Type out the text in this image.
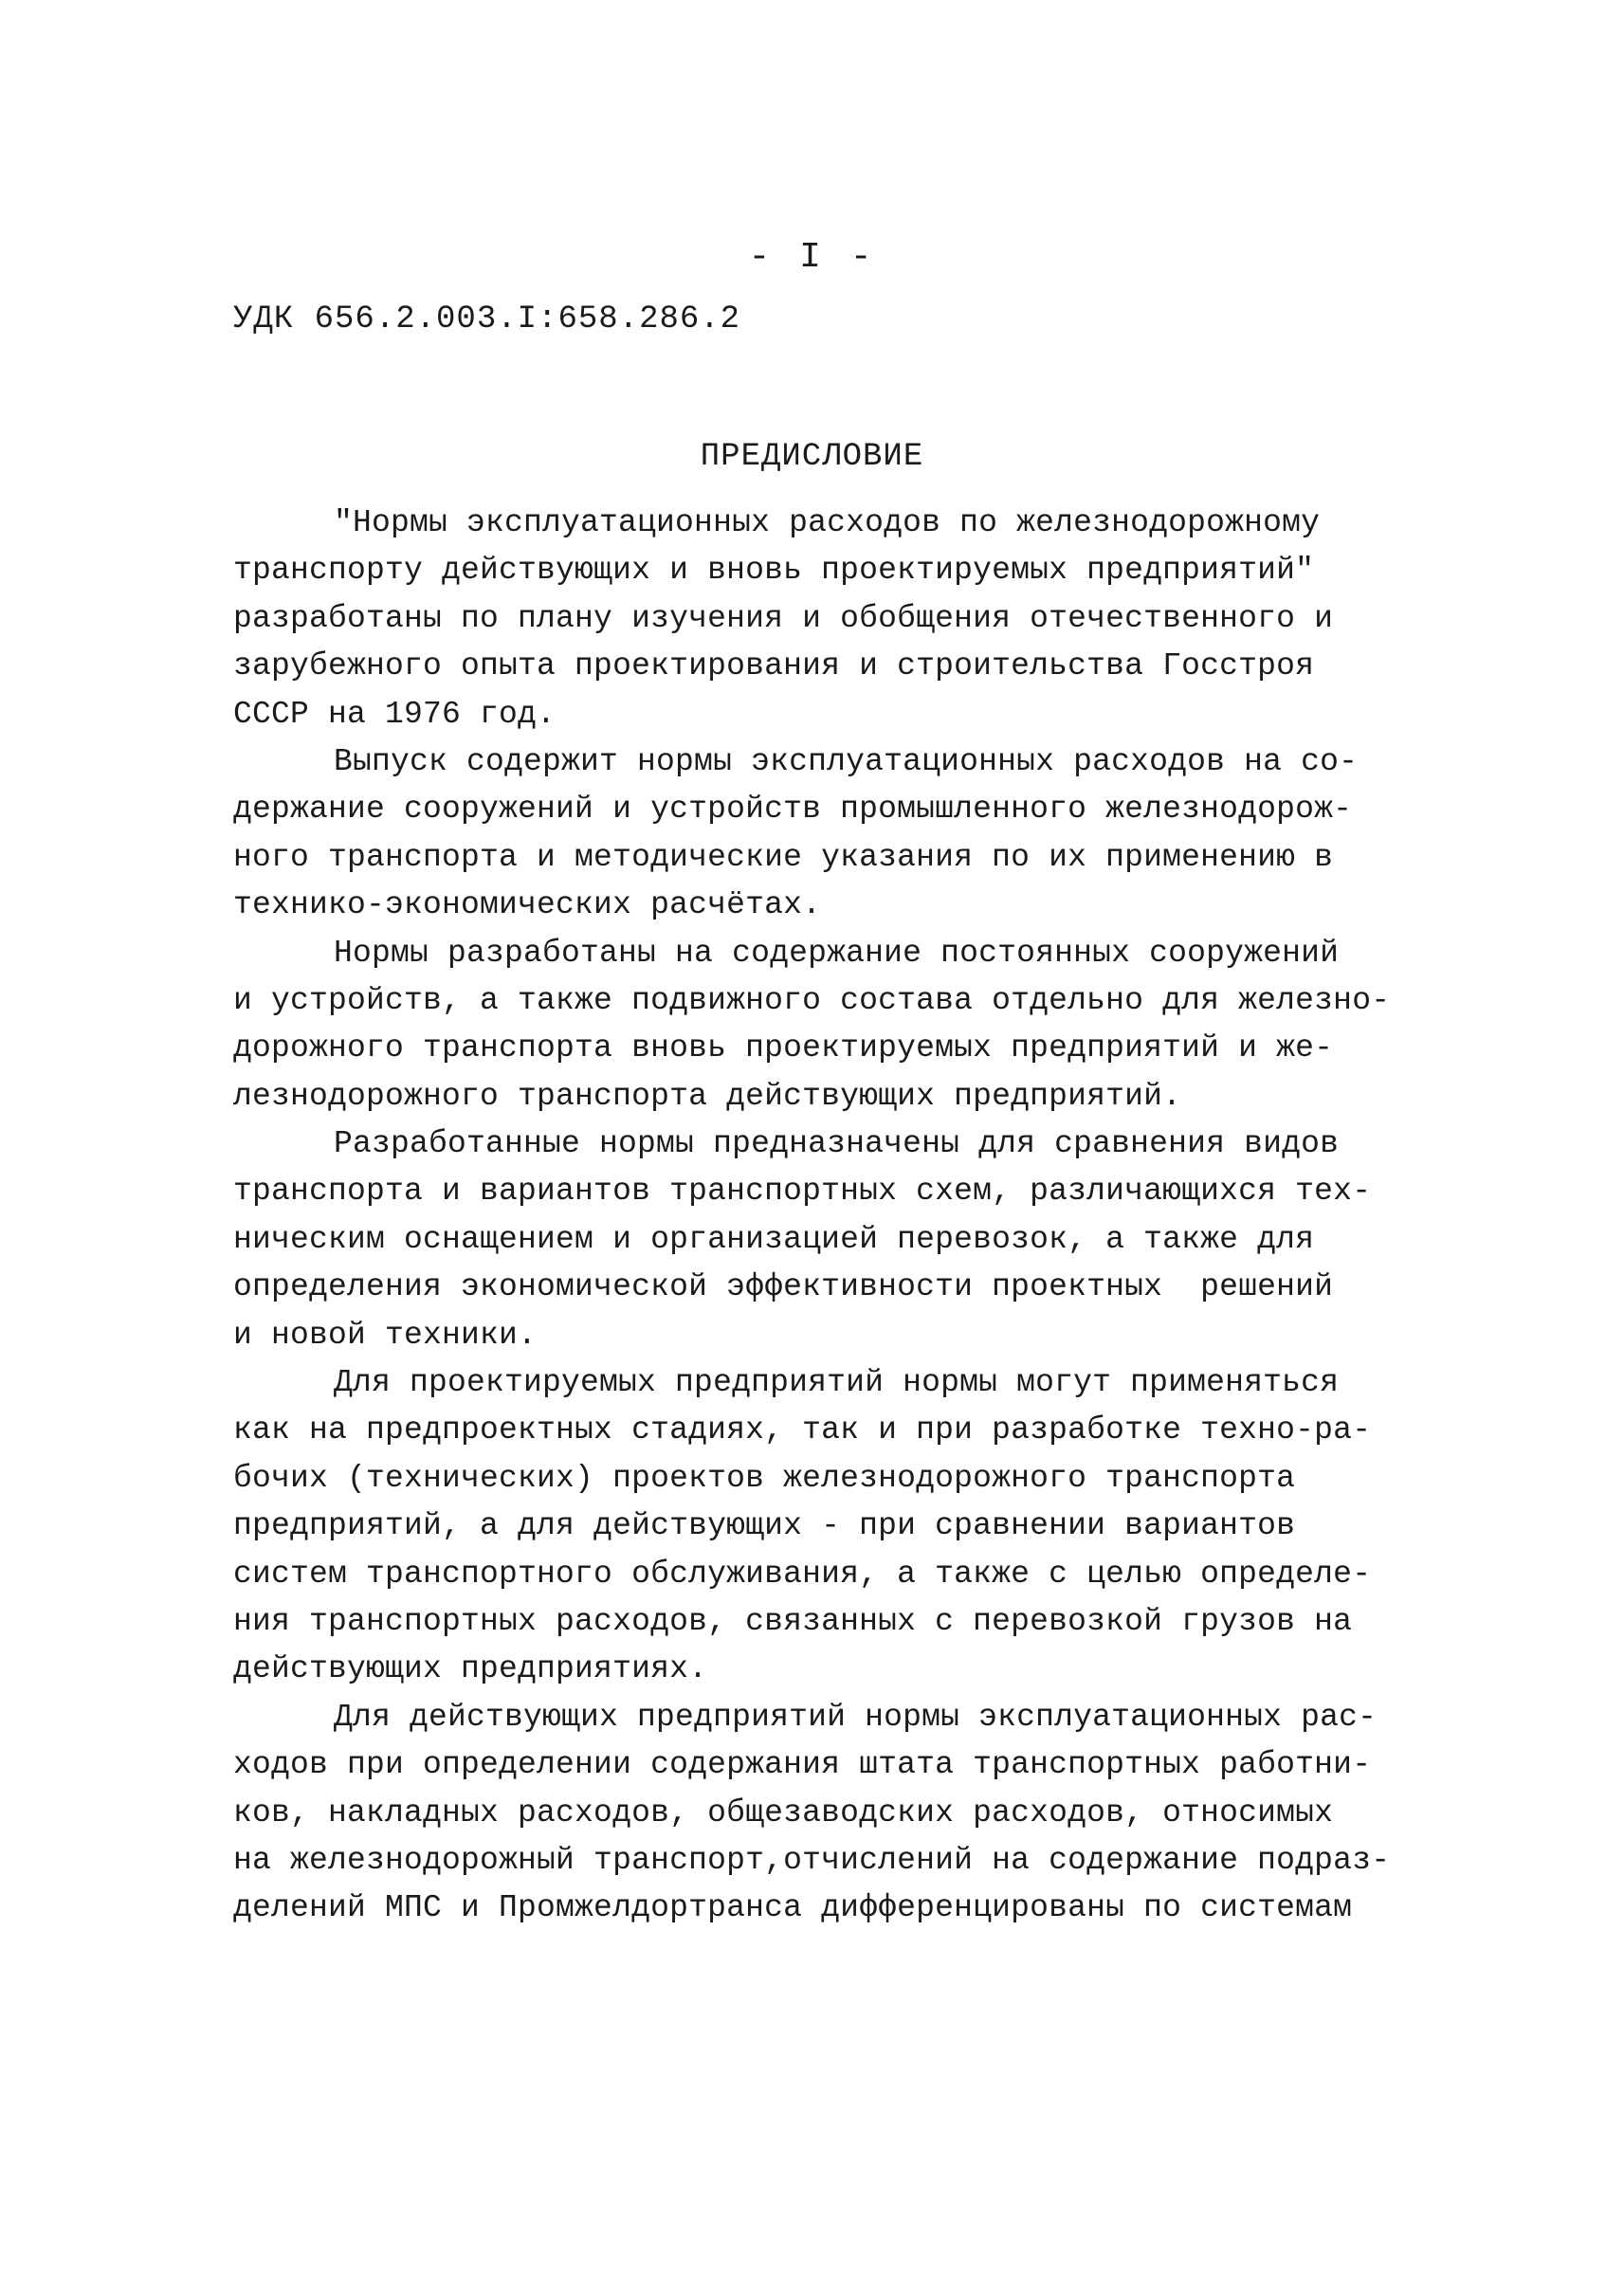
- I -
УДК 656.2.003.I:658.286.2
ПРЕДИСЛОВИЕ
"Нормы эксплуатационных расходов по железнодорожному
транспорту действующих и вновь проектируемых предприятий"
разработаны по плану изучения и обобщения отечественного и
зарубежного опыта проектирования и строительства Госстроя
СССР на 1976 год.
Выпуск содержит нормы эксплуатационных расходов на со-
держание сооружений и устройств промышленного железнодорож-
ного транспорта и методические указания по их применению в
технико-экономических расчётах.
Нормы разработаны на содержание постоянных сооружений
и устройств, а также подвижного состава отдельно для железно-
дорожного транспорта вновь проектируемых предприятий и же-
лезнодорожного транспорта действующих предприятий.
Разработанные нормы предназначены для сравнения видов
транспорта и вариантов транспортных схем, различающихся тех-
ническим оснащением и организацией перевозок, а также для
определения экономической эффективности проектных  решений
и новой техники.
Для проектируемых предприятий нормы могут применяться
как на предпроектных стадиях, так и при разработке техно-ра-
бочих (технических) проектов железнодорожного транспорта
предприятий, а для действующих - при сравнении вариантов
систем транспортного обслуживания, а также с целью определе-
ния транспортных расходов, связанных с перевозкой грузов на
действующих предприятиях.
Для действующих предприятий нормы эксплуатационных рас-
ходов при определении содержания штата транспортных работни-
ков, накладных расходов, общезаводских расходов, относимых
на железнодорожный транспорт,отчислений на содержание подраз-
делений МПС и Промжелдортранса дифференцированы по системам
